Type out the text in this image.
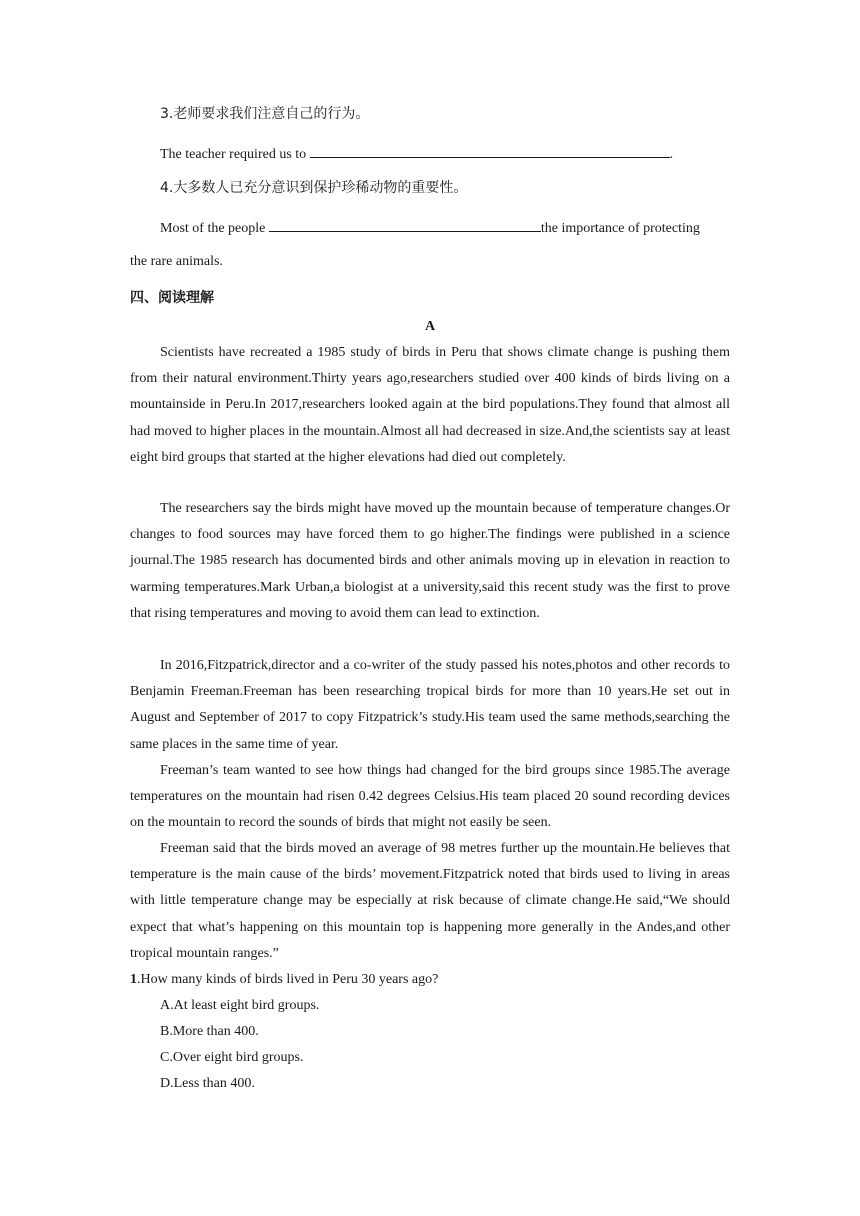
3.老师要求我们注意自己的行为。
The teacher required us to	.
4.大多数人已充分意识到保护珍稀动物的重要性。
Most of the people	the importance of protecting
the rare animals.
四、阅读理解
A

Scientists have recreated a 1985 study of birds in Peru that shows climate change is pushing them from their natural environment.Thirty years ago,researchers studied over 400 kinds of birds living on a mountainside in Peru.In 2017,researchers looked again at the bird populations.They found that almost all had moved to higher places in the mountain.Almost all had decreased in size.And,the scientists say at least eight bird groups that started at the higher elevations had died out completely.

The researchers say the birds might have moved up the mountain because of temperature changes.Or changes to food sources may have forced them to go higher.The findings were published in a science journal.The 1985 research has documented birds and other animals moving up in elevation in reaction to warming temperatures.Mark Urban,a biologist at a university,said this recent study was the first to prove that rising temperatures and moving to avoid them can lead to extinction.

In 2016,Fitzpatrick,director and a co-writer of the study passed his notes,photos and other records to Benjamin Freeman.Freeman has been researching tropical birds for more than 10 years.He set out in August and September of 2017 to copy Fitzpatrick’s study.His team used the same methods,searching the same places in the same time of year.

Freeman’s team wanted to see how things had changed for the bird groups since 1985.The average temperatures on the mountain had risen 0.42 degrees Celsius.His team placed 20 sound recording devices on the mountain to record the sounds of birds that might not easily be seen.

Freeman said that the birds moved an average of 98 metres further up the mountain.He believes that temperature is the main cause of the birds’ movement.Fitzpatrick noted that birds used to living in areas with little temperature change may be especially at risk because of climate change.He said,“We should expect that what’s happening on this mountain top is happening more generally in the Andes,and other tropical mountain ranges.”

1.How many kinds of birds lived in Peru 30 years ago?
A.At least eight bird groups.
B.More than 400.
C.Over eight bird groups.
D.Less than 400.
